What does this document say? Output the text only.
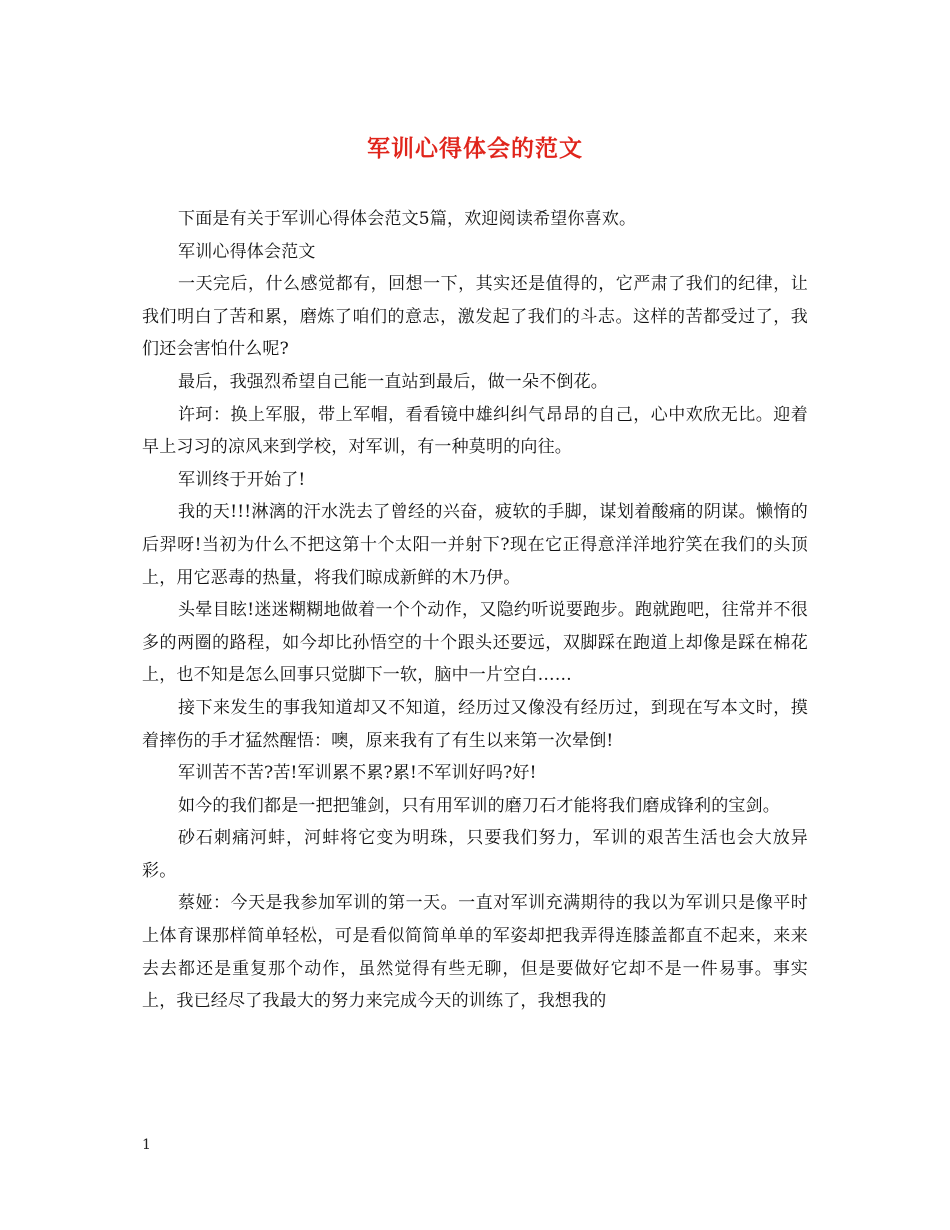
军训心得体会的范文

下面是有关于军训心得体会范文5篇，欢迎阅读希望你喜欢。

军训心得体会范文

一天完后，什么感觉都有，回想一下，其实还是值得的，它严肃了我们的纪律，让我们明白了苦和累，磨炼了咱们的意志，激发起了我们的斗志。这样的苦都受过了，我们还会害怕什么呢?

最后，我强烈希望自己能一直站到最后，做一朵不倒花。

许珂：换上军服，带上军帽，看看镜中雄纠纠气昂昂的自己，心中欢欣无比。迎着早上习习的凉风来到学校，对军训，有一种莫明的向往。

军训终于开始了!

我的天!!!淋漓的汗水洗去了曾经的兴奋，疲软的手脚，谋划着酸痛的阴谋。懒惰的后羿呀!当初为什么不把这第十个太阳一并射下?现在它正得意洋洋地狞笑在我们的头顶上，用它恶毒的热量，将我们晾成新鲜的木乃伊。

头晕目眩!迷迷糊糊地做着一个个动作，又隐约听说要跑步。跑就跑吧，往常并不很多的两圈的路程，如今却比孙悟空的十个跟头还要远，双脚踩在跑道上却像是踩在棉花上，也不知是怎么回事只觉脚下一软，脑中一片空白……

接下来发生的事我知道却又不知道，经历过又像没有经历过，到现在写本文时，摸着摔伤的手才猛然醒悟：噢，原来我有了有生以来第一次晕倒!

军训苦不苦?苦!军训累不累?累!不军训好吗?好!

如今的我们都是一把把雏剑，只有用军训的磨刀石才能将我们磨成锋利的宝剑。

砂石刺痛河蚌，河蚌将它变为明珠，只要我们努力，军训的艰苦生活也会大放异彩。

蔡娅：今天是我参加军训的第一天。一直对军训充满期待的我以为军训只是像平时上体育课那样简单轻松，可是看似简简单单的军姿却把我弄得连膝盖都直不起来，来来去去都还是重复那个动作，虽然觉得有些无聊，但是要做好它却不是一件易事。事实上，我已经尽了我最大的努力来完成今天的训练了，我想我的

1
